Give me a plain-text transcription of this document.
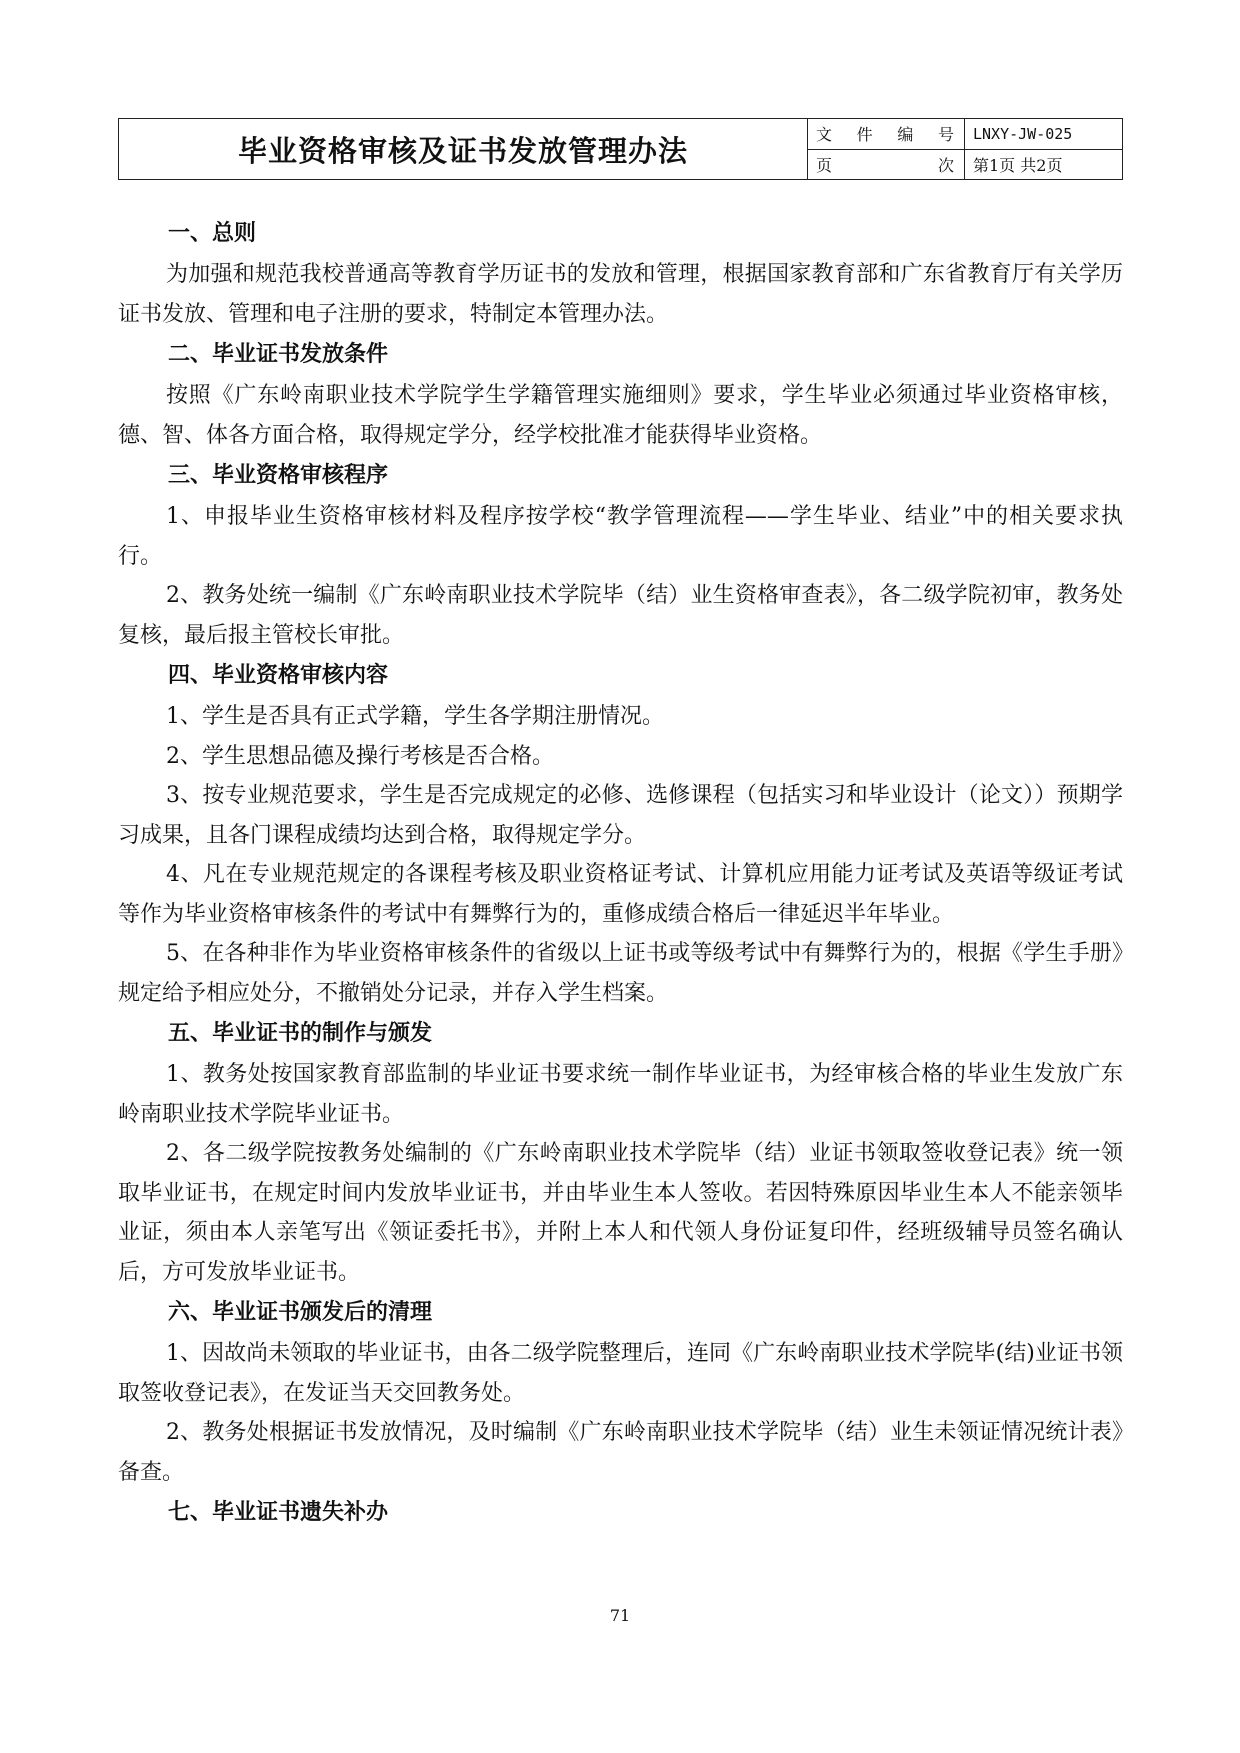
毕业资格审核及证书发放管理办法	文 件 编 号	LNXY-JW-025
	页 次	第1页 共2页
一、总则

为加强和规范我校普通高等教育学历证书的发放和管理，根据国家教育部和广东省教育厅有关学历证书发放、管理和电子注册的要求，特制定本管理办法。

二、毕业证书发放条件

按照《广东岭南职业技术学院学生学籍管理实施细则》要求，学生毕业必须通过毕业资格审核，德、智、体各方面合格，取得规定学分，经学校批准才能获得毕业资格。

三、毕业资格审核程序

1、申报毕业生资格审核材料及程序按学校“教学管理流程——学生毕业、结业”中的相关要求执行。

2、教务处统一编制《广东岭南职业技术学院毕（结）业生资格审查表》，各二级学院初审，教务处复核，最后报主管校长审批。

四、毕业资格审核内容

1、学生是否具有正式学籍，学生各学期注册情况。

2、学生思想品德及操行考核是否合格。

3、按专业规范要求，学生是否完成规定的必修、选修课程（包括实习和毕业设计（论文））预期学习成果，且各门课程成绩均达到合格，取得规定学分。

4、凡在专业规范规定的各课程考核及职业资格证考试、计算机应用能力证考试及英语等级证考试等作为毕业资格审核条件的考试中有舞弊行为的，重修成绩合格后一律延迟半年毕业。

5、在各种非作为毕业资格审核条件的省级以上证书或等级考试中有舞弊行为的，根据《学生手册》规定给予相应处分，不撤销处分记录，并存入学生档案。

五、毕业证书的制作与颁发

1、教务处按国家教育部监制的毕业证书要求统一制作毕业证书，为经审核合格的毕业生发放广东岭南职业技术学院毕业证书。

2、各二级学院按教务处编制的《广东岭南职业技术学院毕（结）业证书领取签收登记表》统一领取毕业证书，在规定时间内发放毕业证书，并由毕业生本人签收。若因特殊原因毕业生本人不能亲领毕业证，须由本人亲笔写出《领证委托书》，并附上本人和代领人身份证复印件，经班级辅导员签名确认后，方可发放毕业证书。

六、毕业证书颁发后的清理

1、因故尚未领取的毕业证书，由各二级学院整理后，连同《广东岭南职业技术学院毕(结)业证书领取签收登记表》，在发证当天交回教务处。

2、教务处根据证书发放情况，及时编制《广东岭南职业技术学院毕（结）业生未领证情况统计表》备查。

七、毕业证书遗失补办
71
